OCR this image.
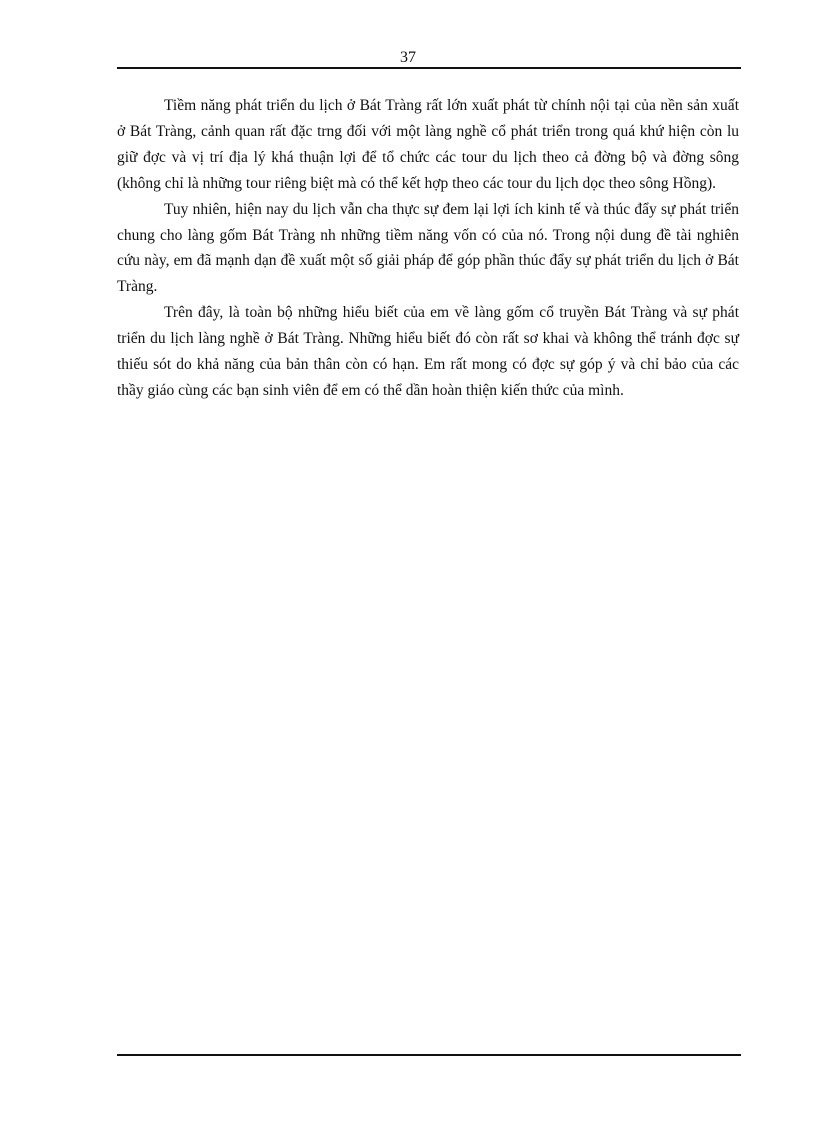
37

Tiềm năng phát triển du lịch ở Bát Tràng rất lớn xuất phát từ chính nội tại của nền sản xuất ở Bát Tràng, cảnh quan rất đặc trng đối với một làng nghề cổ phát triển trong quá khứ hiện còn lu giữ đợc và vị trí địa lý khá thuận lợi để tổ chức các tour du lịch theo cả đờng bộ và đờng sông (không chỉ là những tour riêng biệt mà có thể kết hợp theo các tour du lịch dọc theo sông Hồng).

Tuy nhiên, hiện nay du lịch vẫn cha thực sự đem lại lợi ích kinh tế và thúc đẩy sự phát triển chung cho làng gốm Bát Tràng nh những tiềm năng vốn có của nó. Trong nội dung đề tài nghiên cứu này, em đã mạnh dạn đề xuất một số giải pháp để góp phần thúc đẩy sự phát triển du lịch ở Bát Tràng.

Trên đây, là toàn bộ những hiểu biết của em về làng gốm cổ truyền Bát Tràng và sự phát triển du lịch làng nghề ở Bát Tràng. Những hiểu biết đó còn rất sơ khai và không thể tránh đợc sự thiếu sót do khả năng của bản thân còn có hạn. Em rất mong có đợc sự góp ý và chỉ bảo của các thầy giáo cùng các bạn sinh viên để em có thể dần hoàn thiện kiến thức của mình.
